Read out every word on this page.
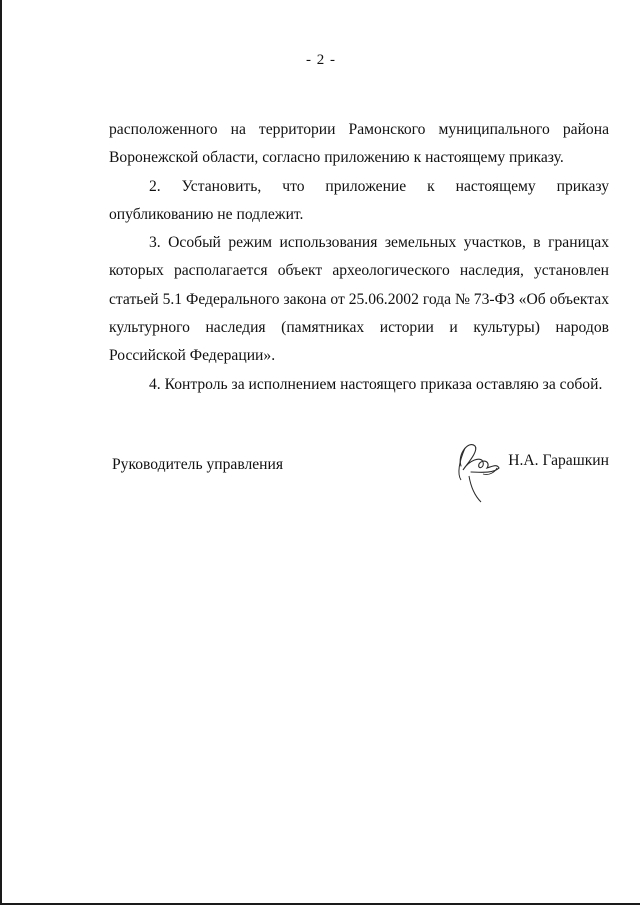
- 2 -

расположенного на территории Рамонского муниципального района Воронежской области, согласно приложению к настоящему приказу.

2. Установить, что приложение к настоящему приказу опубликованию не подлежит.

3. Особый режим использования земельных участков, в границах которых располагается объект археологического наследия, установлен статьей 5.1 Федерального закона от 25.06.2002 года № 73-ФЗ «Об объектах культурного наследия (памятниках истории и культуры) народов Российской Федерации».

4. Контроль за исполнением настоящего приказа оставляю за собой.

Руководитель управления	Н.А. Гарашкин
